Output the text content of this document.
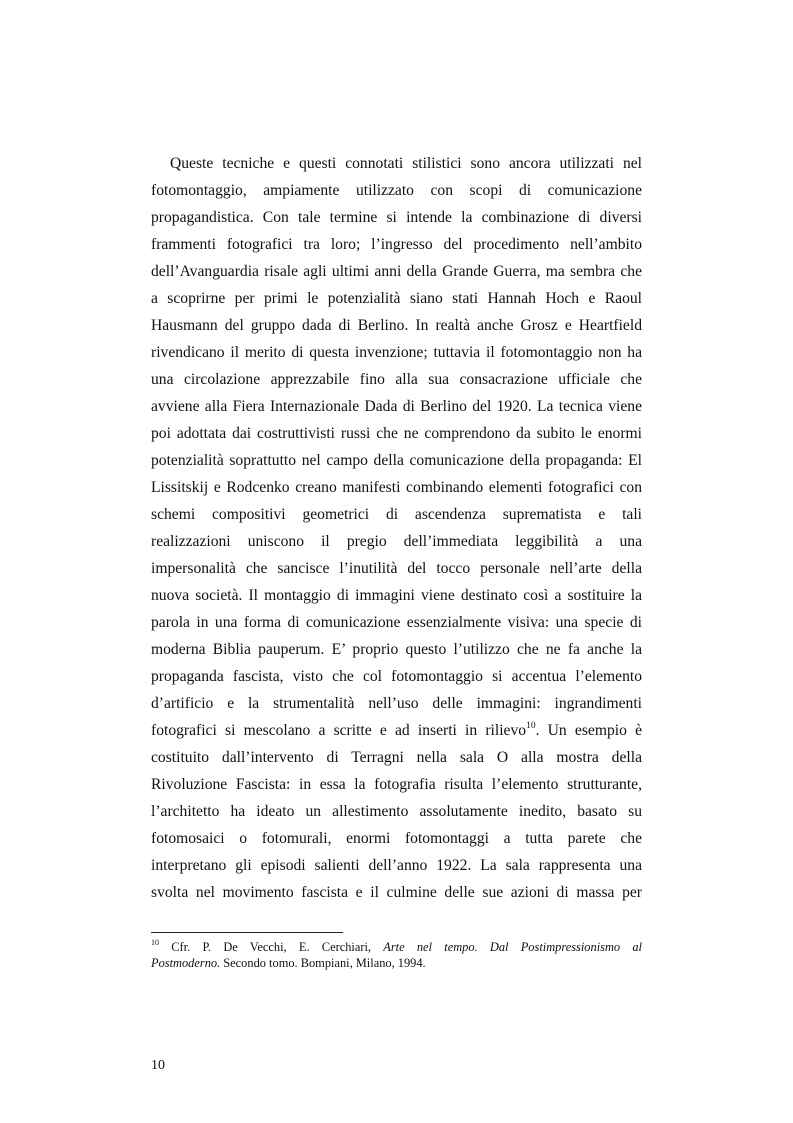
Queste tecniche e questi connotati stilistici sono ancora utilizzati nel
fotomontaggio, ampiamente utilizzato con scopi di comunicazione
propagandistica. Con tale termine si intende la combinazione di diversi
frammenti fotografici tra loro; l’ingresso del procedimento nell’ambito
dell’Avanguardia risale agli ultimi anni della Grande Guerra, ma sembra che
a scoprirne per primi le potenzialità siano stati Hannah Hoch e Raoul
Hausmann del gruppo dada di Berlino. In realtà anche Grosz e Heartfield
rivendicano il merito di questa invenzione; tuttavia il fotomontaggio non ha
una circolazione apprezzabile fino alla sua consacrazione ufficiale che
avviene alla Fiera Internazionale Dada di Berlino del 1920. La tecnica viene
poi adottata dai costruttivisti russi che ne comprendono da subito le enormi
potenzialità soprattutto nel campo della comunicazione della propaganda: El
Lissitskij e Rodcenko creano manifesti combinando elementi fotografici con
schemi compositivi geometrici di ascendenza suprematista e tali
realizzazioni uniscono il pregio dell’immediata leggibilità a una
impersonalità che sancisce l’inutilità del tocco personale nell’arte della
nuova società. Il montaggio di immagini viene destinato così a sostituire la
parola in una forma di comunicazione essenzialmente visiva: una specie di
moderna Biblia pauperum. E’ proprio questo l’utilizzo che ne fa anche la
propaganda fascista, visto che col fotomontaggio si accentua l’elemento
d’artificio e la strumentalità nell’uso delle immagini: ingrandimenti
fotografici si mescolano a scritte e ad inserti in rilievo$^{10}$. Un esempio è
costituito dall’intervento di Terragni nella sala O alla mostra della
Rivoluzione Fascista: in essa la fotografia risulta l’elemento strutturante,
l’architetto ha ideato un allestimento assolutamente inedito, basato su
fotomosaici o fotomurali, enormi fotomontaggi a tutta parete che
interpretano gli episodi salienti dell’anno 1922. La sala rappresenta una
svolta nel movimento fascista e il culmine delle sue azioni di massa per
$^{10}$ Cfr. P. De Vecchi, E. Cerchiari, Arte nel tempo. Dal Postimpressionismo al
Postmoderno. Secondo tomo. Bompiani, Milano, 1994.
10
